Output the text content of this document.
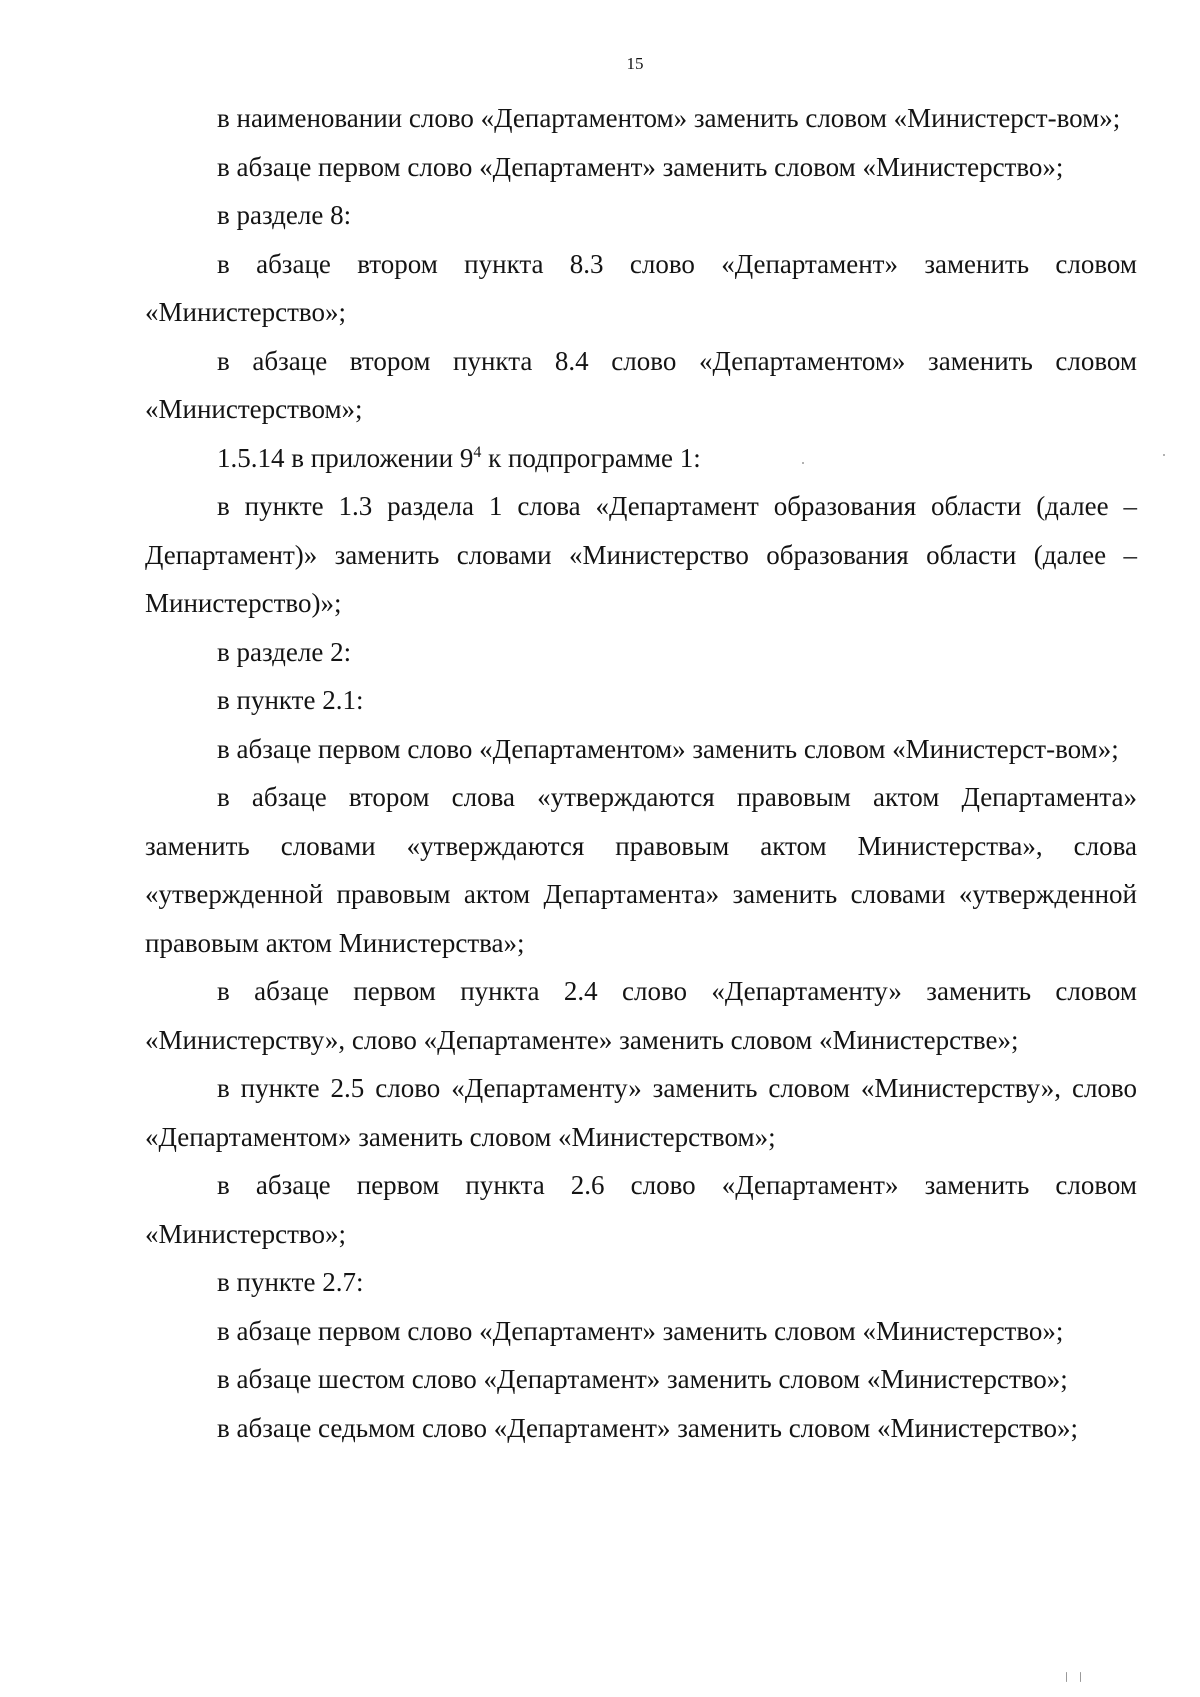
15

в наименовании слово «Департаментом» заменить словом «Министерст-вом»;

в абзаце первом слово «Департамент» заменить словом «Министерство»;

в разделе 8:

в абзаце втором пункта 8.3 слово «Департамент» заменить словом «Министерство»;

в абзаце втором пункта 8.4 слово «Департаментом» заменить словом «Министерством»;

1.5.14 в приложении $9^4$ к подпрограмме 1:

в пункте 1.3 раздела 1 слова «Департамент образования области (далее – Департамент)» заменить словами «Министерство образования области (далее – Министерство)»;

в разделе 2:

в пункте 2.1:

в абзаце первом слово «Департаментом» заменить словом «Министерст-вом»;

в абзаце втором слова «утверждаются правовым актом Департамента» заменить словами «утверждаются правовым актом Министерства», слова «утвержденной правовым актом Департамента» заменить словами «утвержденной правовым актом Министерства»;

в абзаце первом пункта 2.4 слово «Департаменту» заменить словом «Министерству», слово «Департаменте» заменить словом «Министерстве»;

в пункте 2.5 слово «Департаменту» заменить словом «Министерству», слово «Департаментом» заменить словом «Министерством»;

в абзаце первом пункта 2.6 слово «Департамент» заменить словом «Министерство»;

в пункте 2.7:

в абзаце первом слово «Департамент» заменить словом «Министерство»;

в абзаце шестом слово «Департамент» заменить словом «Министерство»;

в абзаце седьмом слово «Департамент» заменить словом «Министерство»;
